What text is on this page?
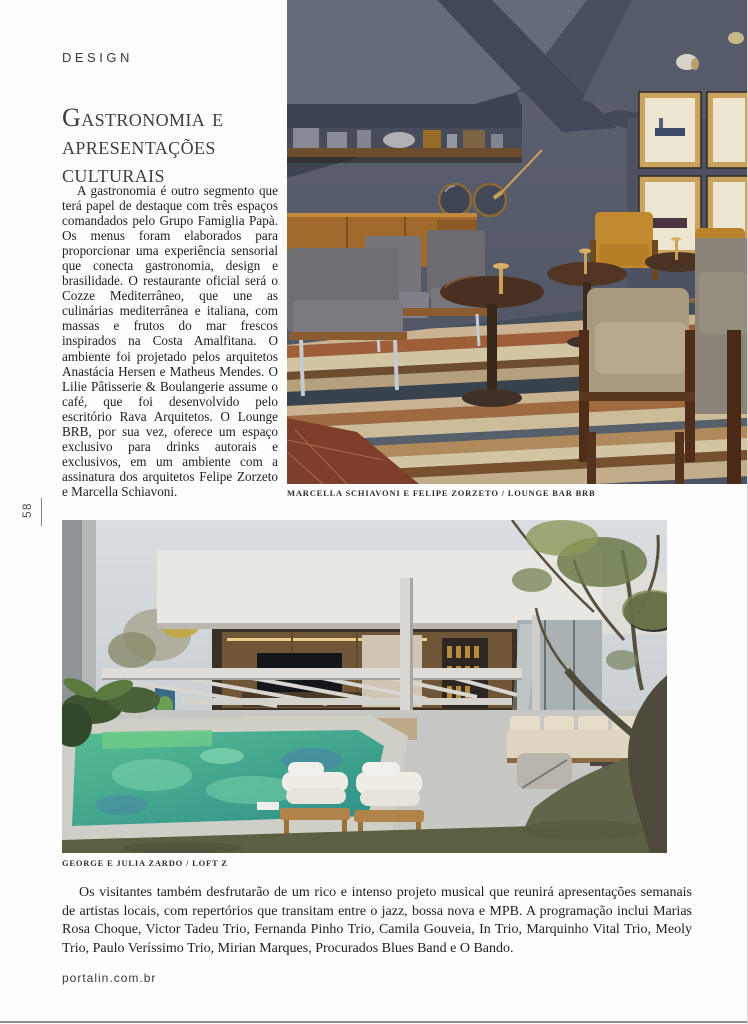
DESIGN
MARCELLA SCHIAVONI E FELIPE ZORZETO / LOUNGE BAR BRB
Gastronomia e apresentações culturais
A gastronomia é outro segmento que terá papel de destaque com três espaços comandados pelo Grupo Famiglia Papà. Os menus foram elaborados para proporcionar uma experiência sensorial que conecta gastronomia, design e brasilidade. O restaurante oficial será o Cozze Mediterrâneo, que une as culinárias mediterrânea e italiana, com massas e frutos do mar frescos inspirados na Costa Amalfitana. O ambiente foi projetado pelos arquitetos Anastácia Hersen e Matheus Mendes. O Lilie Pâtisserie & Boulangerie assume o café, que foi desenvolvido pelo escritório Rava Arquitetos. O Lounge BRB, por sua vez, oferece um espaço exclusivo para drinks autorais e exclusivos, em um ambiente com a assinatura dos arquitetos Felipe Zorzeto e Marcella Schiavoni.
58
GEORGE E JULIA ZARDO / LOFT Z
Os visitantes também desfrutarão de um rico e intenso projeto musical que reunirá apresentações semanais de artistas locais, com repertórios que transitam entre o jazz, bossa nova e MPB. A programação inclui Marias Rosa Choque, Victor Tadeu Trio, Fernanda Pinho Trio, Camila Gouveia, In Trio, Marquinho Vital Trio, Meoly Trio, Paulo Veríssimo Trio, Mirian Marques, Procurados Blues Band e O Bando.
portalin.com.br
